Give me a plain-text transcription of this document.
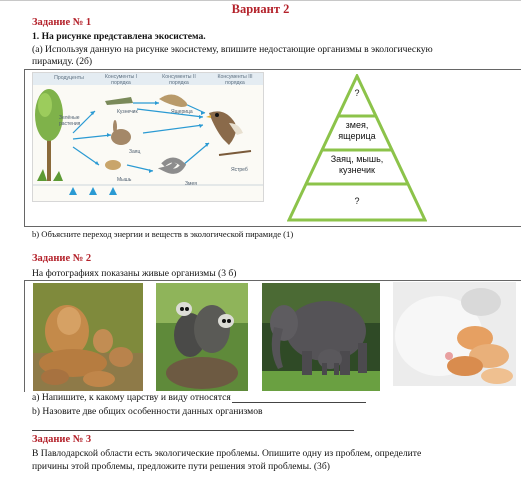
Вариант 2
Задание № 1
1. На рисунке представлена экосистема.
(a) Используя данную на рисунке экосистему, впишите недостающие организмы в экологическую
пирамиду. (2б)
Продуценты	Консументы I порядка
Консументы II порядка
Консументы III порядка
Зелёные растения
Кузнечик	Ящерица
Заяц
Мышь
Змея
Ястреб
?
змея,
ящерица
Заяц, мышь,
кузнечик
?
b) Объясните переход энергии и веществ в экологической пирамиде (1)
Задание № 2
На фотографиях показаны живые организмы (3 б)
a) Напишите, к какому царству и виду относятся
b) Назовите две общих особенности данных организмов
Задание № 3
В Павлодарской области есть экологические проблемы. Опишите одну из проблем, определите
причины этой проблемы, предложите пути решения этой проблемы. (3б)
